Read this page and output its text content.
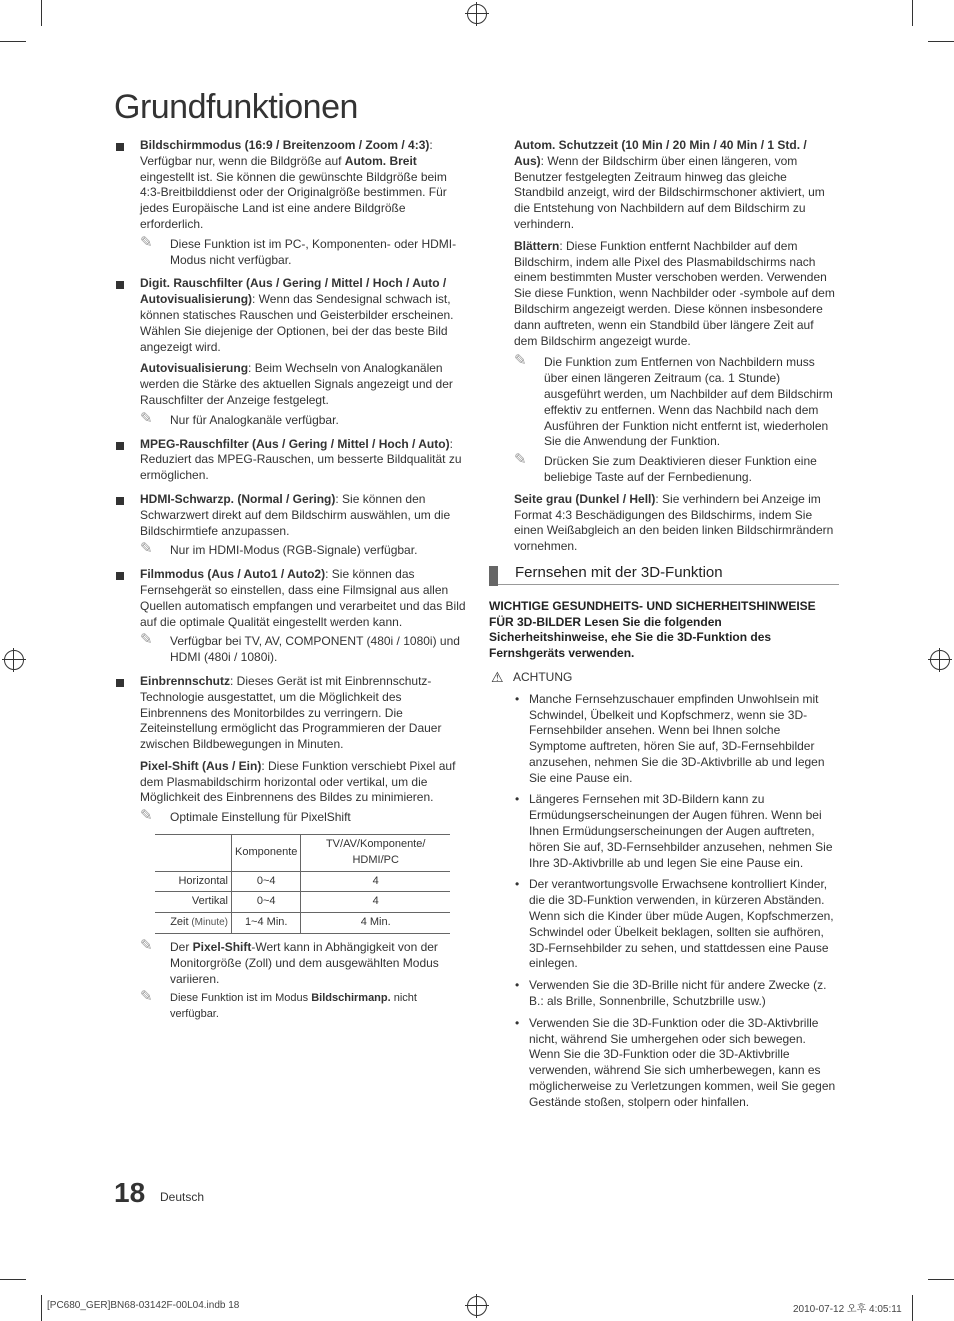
Grundfunktionen
Bildschirmmodus (16:9 / Breitenzoom / Zoom / 4:3): Verfügbar nur, wenn die Bildgröße auf Autom. Breit eingestellt ist. Sie können die gewünschte Bildgröße beim 4:3-Breitbilddienst oder der Originalgröße bestimmen. Für jedes Europäische Land ist eine andere Bildgröße erforderlich.
✎ Diese Funktion ist im PC-, Komponenten- oder HDMI-Modus nicht verfügbar.
Digit. Rauschfilter (Aus / Gering / Mittel / Hoch / Auto / Autovisualisierung): Wenn das Sendesignal schwach ist, können statisches Rauschen und Geisterbilder erscheinen. Wählen Sie diejenige der Optionen, bei der das beste Bild angezeigt wird.
Autovisualisierung: Beim Wechseln von Analogkanälen werden die Stärke des aktuellen Signals angezeigt und der Rauschfilter der Anzeige festgelegt.
✎ Nur für Analogkanäle verfügbar.
MPEG-Rauschfilter (Aus / Gering / Mittel / Hoch / Auto): Reduziert das MPEG-Rauschen, um besserte Bildqualität zu ermöglichen.
HDMI-Schwarzp. (Normal / Gering): Sie können den Schwarzwert direkt auf dem Bildschirm auswählen, um die Bildschirmtiefe anzupassen.
✎ Nur im HDMI-Modus (RGB-Signale) verfügbar.
Filmmodus (Aus / Auto1 / Auto2): Sie können das Fernsehgerät so einstellen, dass eine Filmsignal aus allen Quellen automatisch empfangen und verarbeitet und das Bild auf die optimale Qualität eingestellt werden kann.
✎ Verfügbar bei TV, AV, COMPONENT (480i / 1080i) und HDMI (480i / 1080i).
Einbrennschutz: Dieses Gerät ist mit Einbrennschutz-Technologie ausgestattet, um die Möglichkeit des Einbrennens des Monitorbildes zu verringern. Die Zeiteinstellung ermöglicht das Programmieren der Dauer zwischen Bildbewegungen in Minuten.
Pixel-Shift (Aus / Ein): Diese Funktion verschiebt Pixel auf dem Plasmabildschirm horizontal oder vertikal, um die Möglichkeit des Einbrennens des Bildes zu minimieren.
✎ Optimale Einstellung für PixelShift
	Komponente	TV/AV/Komponente/ HDMI/PC
Horizontal	0~4	4
Vertikal	0~4	4
Zeit (Minute)	1~4 Min.	4 Min.
✎ Der Pixel-Shift-Wert kann in Abhängigkeit von der Monitorgröße (Zoll) und dem ausgewählten Modus variieren.
✎ Diese Funktion ist im Modus Bildschirmanp. nicht verfügbar.
Autom. Schutzzeit (10 Min / 20 Min / 40 Min / 1 Std. / Aus): Wenn der Bildschirm über einen längeren, vom Benutzer festgelegten Zeitraum hinweg das gleiche Standbild anzeigt, wird der Bildschirmschoner aktiviert, um die Entstehung von Nachbildern auf dem Bildschirm zu verhindern.
Blättern: Diese Funktion entfernt Nachbilder auf dem Bildschirm, indem alle Pixel des Plasmabildschirms nach einem bestimmten Muster verschoben werden. Verwenden Sie diese Funktion, wenn Nachbilder oder -symbole auf dem Bildschirm angezeigt werden. Diese können insbesondere dann auftreten, wenn ein Standbild über längere Zeit auf dem Bildschirm angezeigt wurde.
✎ Die Funktion zum Entfernen von Nachbildern muss über einen längeren Zeitraum (ca. 1 Stunde) ausgeführt werden, um Nachbilder auf dem Bildschirm effektiv zu entfernen. Wenn das Nachbild nach dem Ausführen der Funktion nicht entfernt ist, wiederholen Sie die Anwendung der Funktion.
✎ Drücken Sie zum Deaktivieren dieser Funktion eine beliebige Taste auf der Fernbedienung.
Seite grau (Dunkel / Hell): Sie verhindern bei Anzeige im Format 4:3 Beschädigungen des Bildschirms, indem Sie einen Weißabgleich an den beiden linken Bildschirmrändern vornehmen.
Fernsehen mit der 3D-Funktion
WICHTIGE GESUNDHEITS- UND SICHERHEITSHINWEISE FÜR 3D-BILDER Lesen Sie die folgenden Sicherheitshinweise, ehe Sie die 3D-Funktion des Fernshgeräts verwenden.
⚠ ACHTUNG
• Manche Fernsehzuschauer empfinden Unwohlsein mit Schwindel, Übelkeit und Kopfschmerz, wenn sie 3D-Fernsehbilder ansehen. Wenn bei Ihnen solche Symptome auftreten, hören Sie auf, 3D-Fernsehbilder anzusehen, nehmen Sie die 3D-Aktivbrille ab und legen Sie eine Pause ein.
• Längeres Fernsehen mit 3D-Bildern kann zu Ermüdungserscheinungen der Augen führen. Wenn bei Ihnen Ermüdungserscheinungen der Augen auftreten, hören Sie auf, 3D-Fernsehbilder anzusehen, nehmen Sie Ihre 3D-Aktivbrille ab und legen Sie eine Pause ein.
• Der verantwortungsvolle Erwachsene kontrolliert Kinder, die die 3D-Funktion verwenden, in kürzeren Abständen. Wenn sich die Kinder über müde Augen, Kopfschmerzen, Schwindel oder Übelkeit beklagen, sollten sie aufhören, 3D-Fernsehbilder zu sehen, und stattdessen eine Pause einlegen.
• Verwenden Sie die 3D-Brille nicht für andere Zwecke (z. B.: als Brille, Sonnenbrille, Schutzbrille usw.)
• Verwenden Sie die 3D-Funktion oder die 3D-Aktivbrille nicht, während Sie umhergehen oder sich bewegen. Wenn Sie die 3D-Funktion oder die 3D-Aktivbrille verwenden, während Sie sich umherbewegen, kann es möglicherweise zu Verletzungen kommen, weil Sie gegen Gestände stoßen, stolpern oder hinfallen.
18 Deutsch
[PC680_GER]BN68-03142F-00L04.indb 18	2010-07-12 오후 4:05:11
